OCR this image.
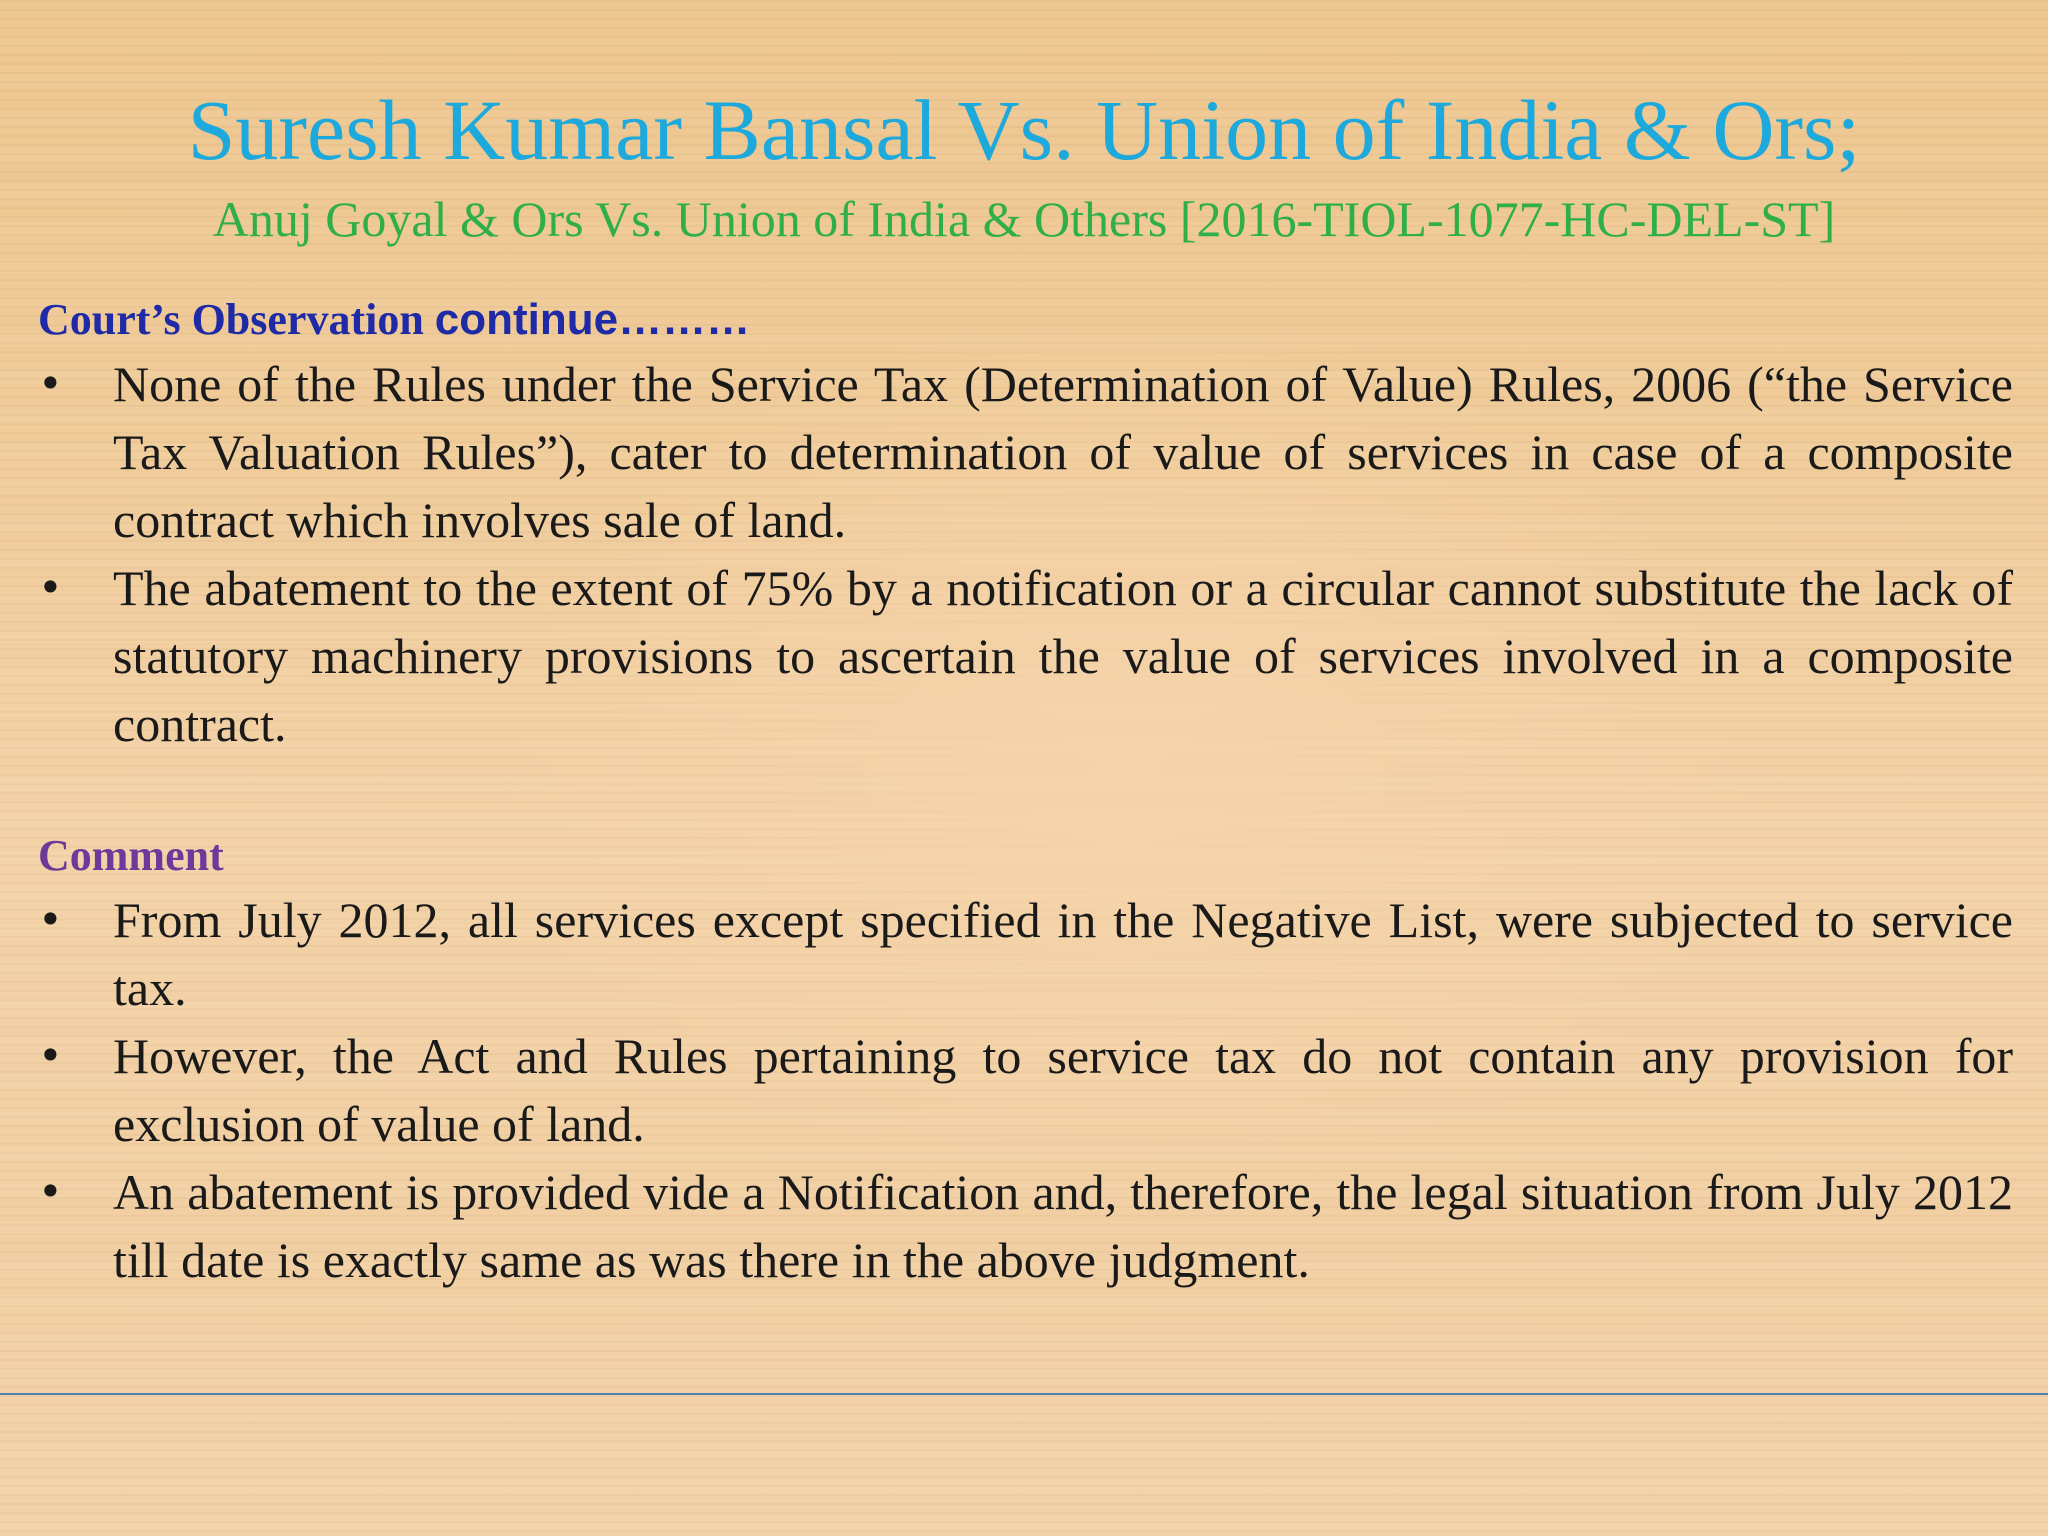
Suresh Kumar Bansal Vs. Union of India & Ors;
Anuj Goyal & Ors Vs. Union of India & Others [2016-TIOL-1077-HC-DEL-ST]
Court’s Observation continue………
• None of the Rules under the Service Tax (Determination of Value) Rules, 2006 (“the Service Tax Valuation Rules”), cater to determination of value of services in case of a composite contract which involves sale of land.
• The abatement to the extent of 75% by a notification or a circular cannot substitute the lack of statutory machinery provisions to ascertain the value of services involved in a composite contract.
Comment
• From July 2012, all services except specified in the Negative List, were subjected to service tax.
• However, the Act and Rules pertaining to service tax do not contain any provision for exclusion of value of land.
• An abatement is provided vide a Notification and, therefore, the legal situation from July 2012 till date is exactly same as was there in the above judgment.
